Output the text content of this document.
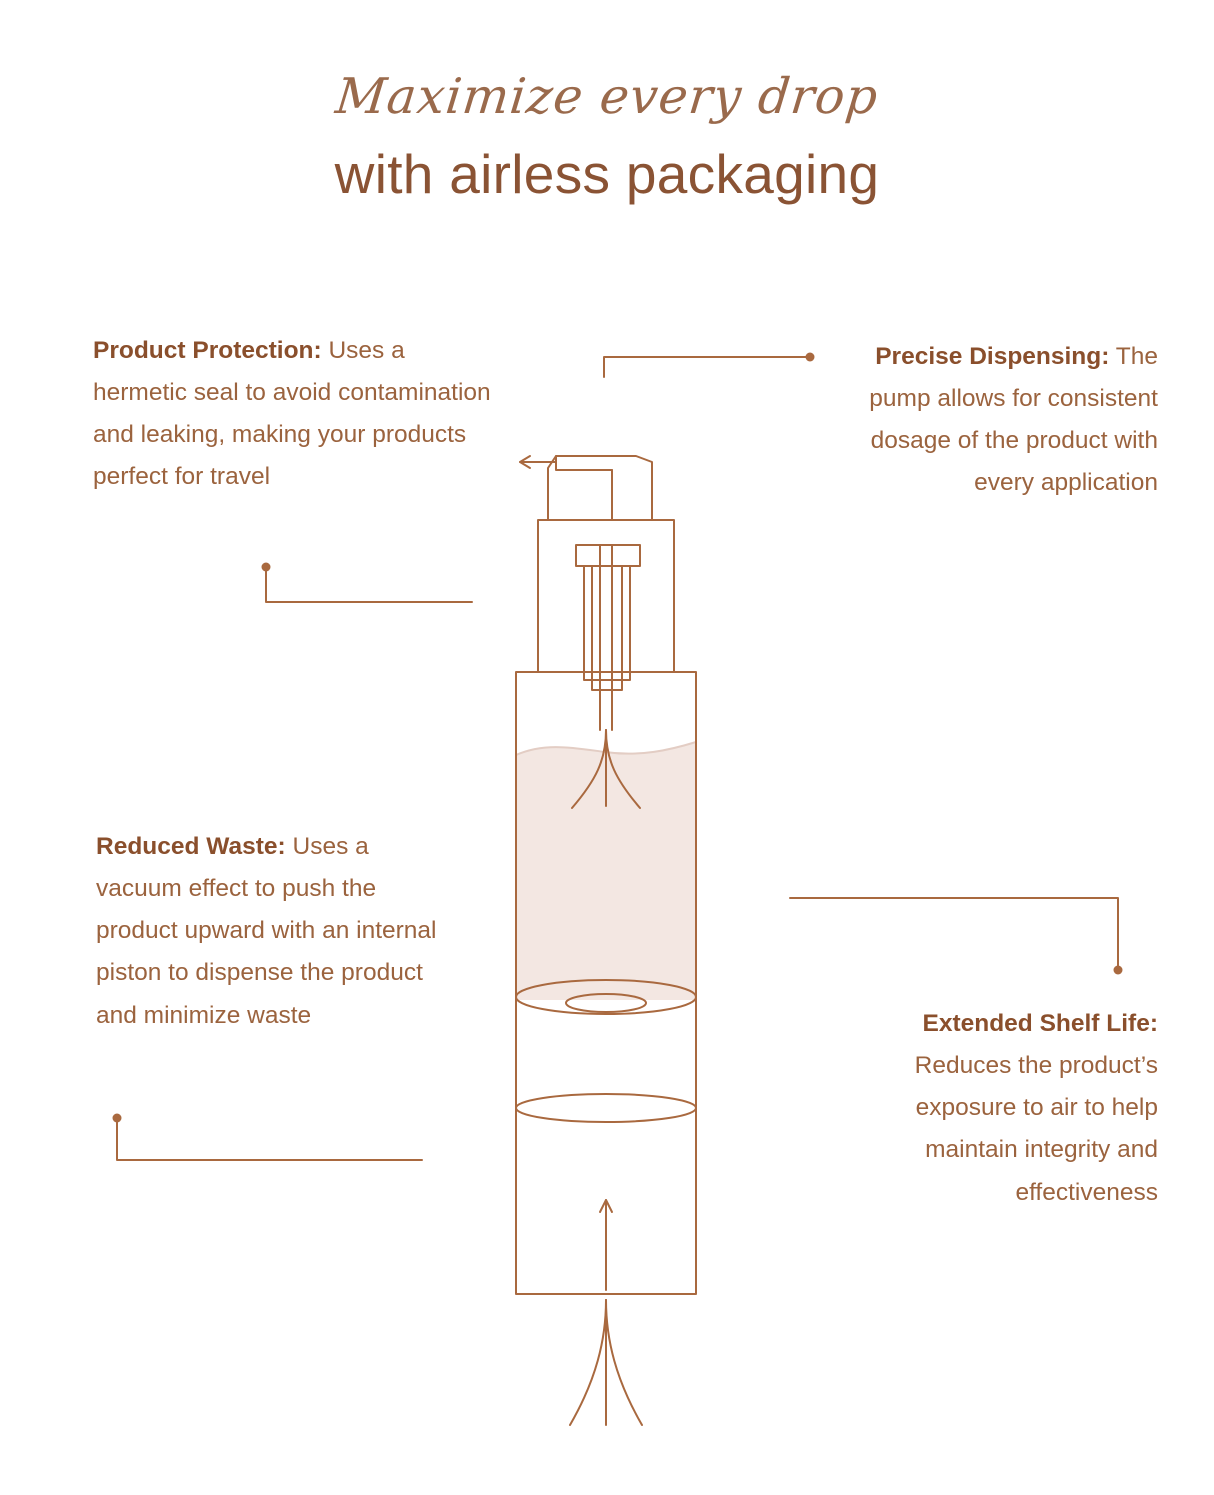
Maximize every drop
with airless packaging
Product Protection: Uses a hermetic seal to avoid contamination and leaking, making your products perfect for travel
Reduced Waste: Uses a vacuum effect to push the product upward with an internal piston to dispense the product and minimize waste
Precise Dispensing: The pump allows for consistent dosage of the product with every application
Extended Shelf Life: Reduces the product’s exposure to air to help maintain integrity and effectiveness
